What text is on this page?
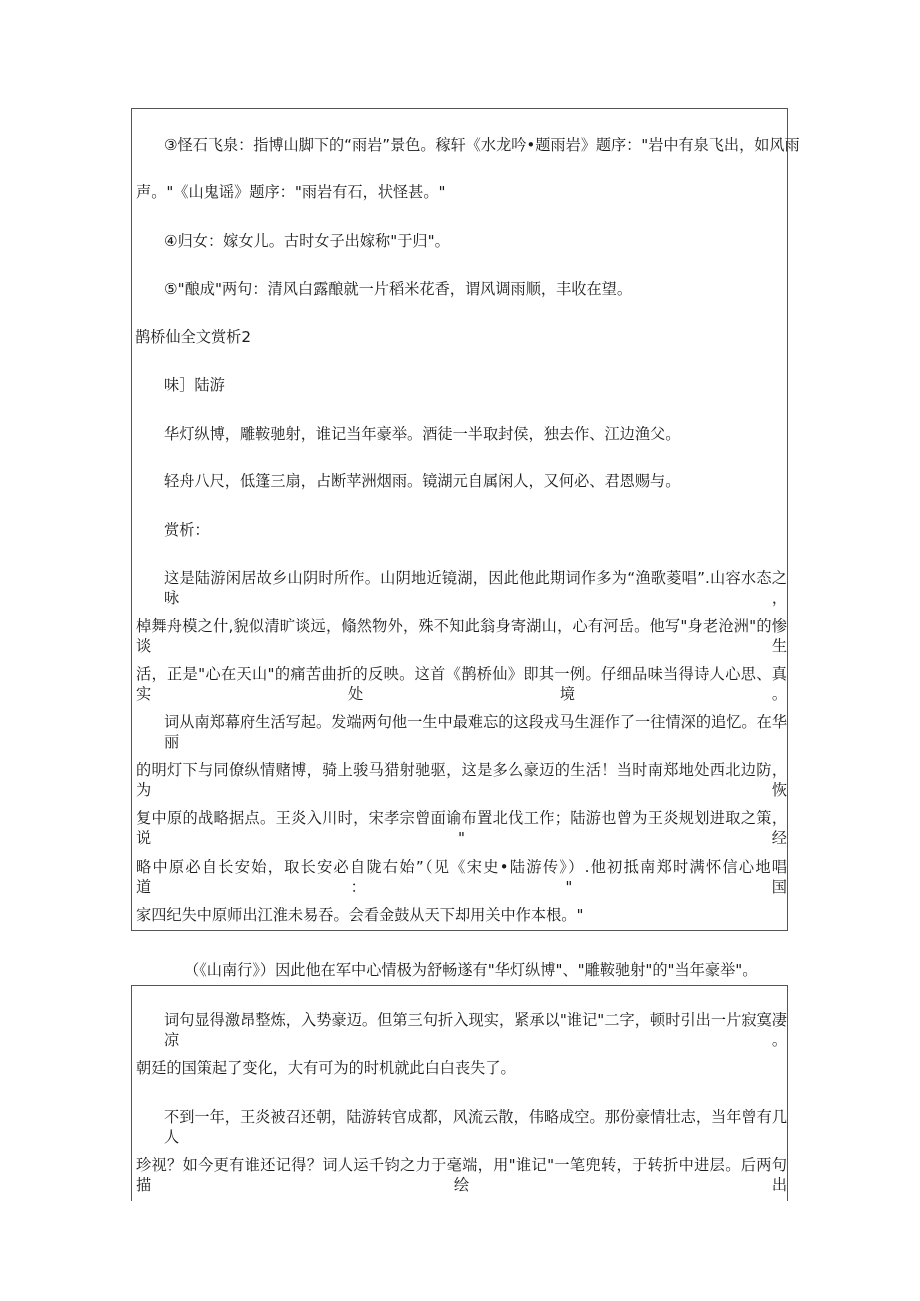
③怪石飞泉：指博山脚下的“雨岩”景色。稼轩《水龙吟•题雨岩》题序："岩中有泉飞出，如风雨
声。"《山鬼谣》题序："雨岩有石，状怪甚。"
④归女：嫁女儿。古时女子出嫁称"于归"。
⑤"酿成"两句：清风白露酿就一片稻米花香，谓风调雨顺，丰收在望。
鹊桥仙全文赏析2
味］陆游
华灯纵博，雕鞍驰射，谁记当年豪举。酒徒一半取封侯，独去作、江边渔父。
轻舟八尺，低篷三扇，占断苹洲烟雨。镜湖元自属闲人，又何必、君恩赐与。
赏析：
这是陆游闲居故乡山阴时所作。山阴地近镜湖，因此他此期词作多为“渔歌菱唱”.山容水态之咏，
棹舞舟模之什,貌似清旷谈远，翛然物外，殊不知此翁身寄湖山，心有河岳。他写"身老沧洲"的惨谈生
活，正是"心在天山"的痛苦曲折的反映。这首《鹊桥仙》即其一例。仔细品味当得诗人心思、真实处境。
词从南郑幕府生活写起。发端两句他一生中最难忘的这段戎马生涯作了一往情深的追忆。在华丽
的明灯下与同僚纵情赌博，骑上骏马猎射驰驱，这是多么豪迈的生活！当时南郑地处西北边防，为恢
复中原的战略据点。王炎入川时，宋孝宗曾面谕布置北伐工作；陆游也曾为王炎规划进取之策，说"经
略中原必自长安始，取长安必自陇右始”（见《宋史•陆游传》）.他初抵南郑时满怀信心地唱道："国
家四纪失中原师出江淮未易吞。会看金鼓从天下却用关中作本根。"
（《山南行》）因此他在军中心情极为舒畅遂有"华灯纵博"、"雕鞍驰射"的"当年豪举"。
词句显得激昂整炼，入势豪迈。但第三句折入现实，紧承以"谁记"二字，顿时引出一片寂寞凄凉。
朝廷的国策起了变化，大有可为的时机就此白白丧失了。
不到一年，王炎被召还朝，陆游转官成都，风流云散，伟略成空。那份豪情壮志，当年曾有几人
珍视？如今更有谁还记得？词人运千钧之力于毫端，用"谁记"一笔兜转，于转折中进层。后两句描绘出
